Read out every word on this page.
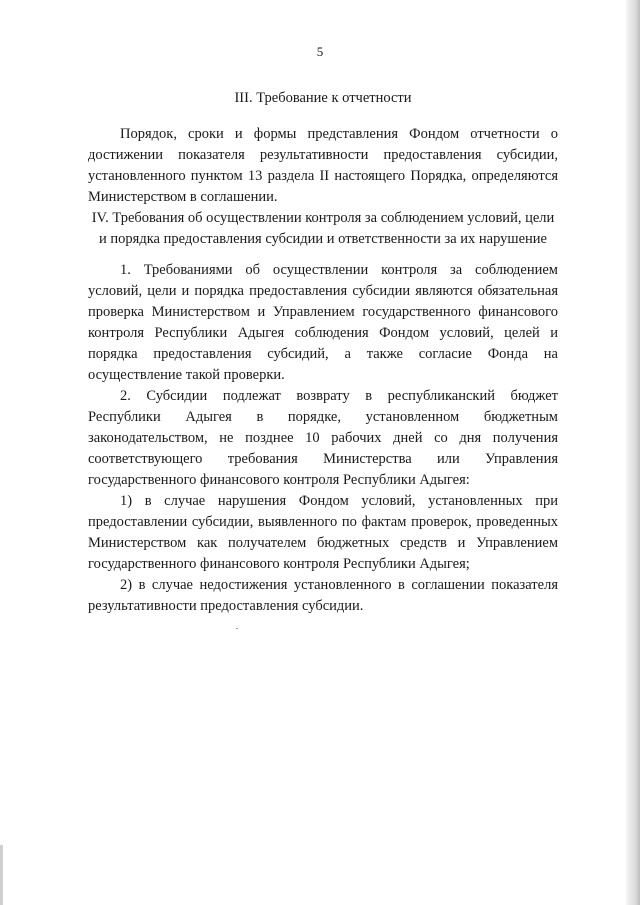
5
III. Требование к отчетности

Порядок, сроки и формы представления Фондом отчетности о достижении показателя результативности предоставления субсидии, установленного пунктом 13 раздела II настоящего Порядка, определяются Министерством в соглашении.

IV. Требования об осуществлении контроля за соблюдением условий, цели
и порядка предоставления субсидии и ответственности за их нарушение

1. Требованиями об осуществлении контроля за соблюдением условий, цели и порядка предоставления субсидии являются обязательная проверка Министерством и Управлением государственного финансового контроля Республики Адыгея соблюдения Фондом условий, целей и порядка предоставления субсидий, а также согласие Фонда на осуществление такой проверки.

2. Субсидии подлежат возврату в республиканский бюджет Республики Адыгея в порядке, установленном бюджетным законодательством, не позднее 10 рабочих дней со дня получения соответствующего требования Министерства или Управления государственного финансового контроля Республики Адыгея:

1) в случае нарушения Фондом условий, установленных при предоставлении субсидии, выявленного по фактам проверок, проведенных Министерством как получателем бюджетных средств и Управлением государственного финансового контроля Республики Адыгея;

2) в случае недостижения установленного в соглашении показателя результативности предоставления субсидии.
